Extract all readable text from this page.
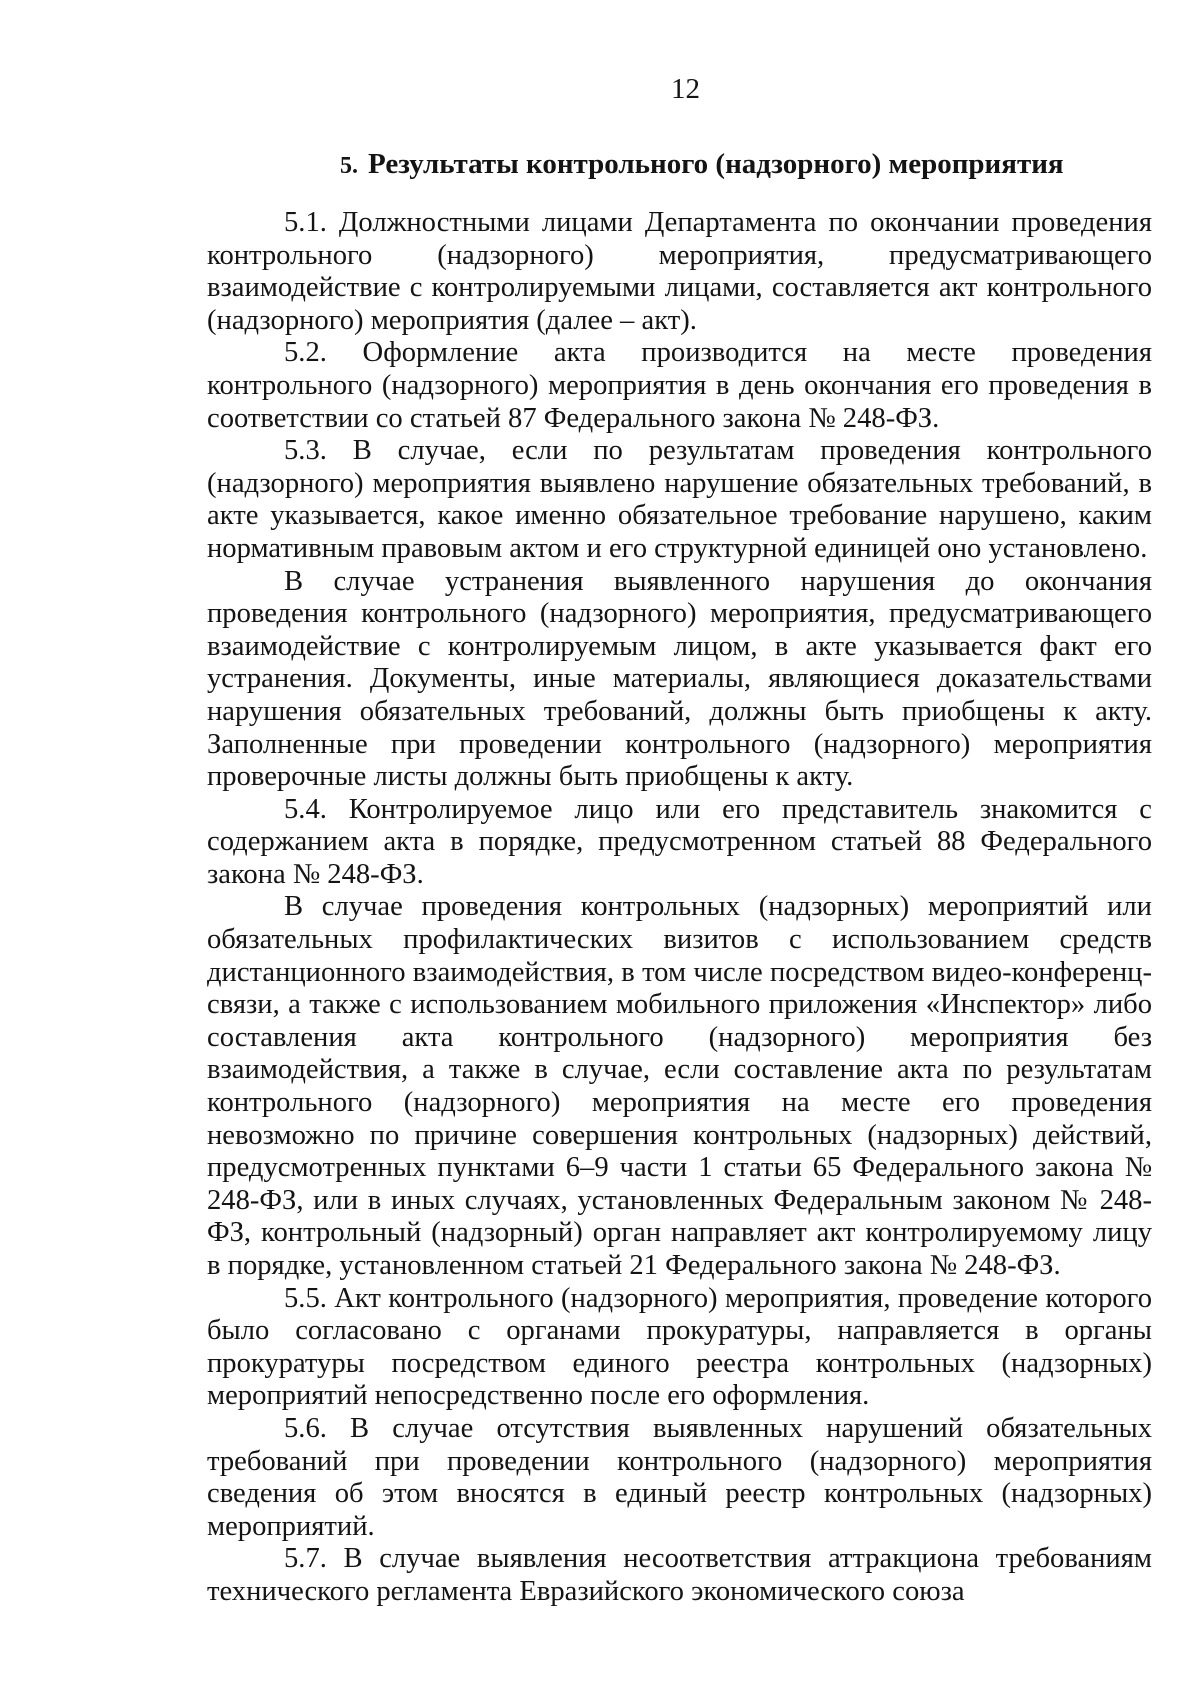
12
5. Результаты контрольного (надзорного) мероприятия

5.1. Должностными лицами Департамента по окончании проведения контрольного (надзорного) мероприятия, предусматривающего взаимодействие с контролируемыми лицами, составляется акт контрольного (надзорного) мероприятия (далее – акт).

5.2. Оформление акта производится на месте проведения контрольного (надзорного) мероприятия в день окончания его проведения в соответствии со статьей 87 Федерального закона № 248-ФЗ.

5.3. В случае, если по результатам проведения контрольного (надзорного) мероприятия выявлено нарушение обязательных требований, в акте указывается, какое именно обязательное требование нарушено, каким нормативным правовым актом и его структурной единицей оно установлено.

В случае устранения выявленного нарушения до окончания проведения контрольного (надзорного) мероприятия, предусматривающего взаимодействие с контролируемым лицом, в акте указывается факт его устранения. Документы, иные материалы, являющиеся доказательствами нарушения обязательных требований, должны быть приобщены к акту. Заполненные при проведении контрольного (надзорного) мероприятия проверочные листы должны быть приобщены к акту.

5.4. Контролируемое лицо или его представитель знакомится с содержанием акта в порядке, предусмотренном статьей 88 Федерального закона № 248-ФЗ.

В случае проведения контрольных (надзорных) мероприятий или обязательных профилактических визитов с использованием средств дистанционного взаимодействия, в том числе посредством видео-конференц-связи, а также с использованием мобильного приложения «Инспектор» либо составления акта контрольного (надзорного) мероприятия без взаимодействия, а также в случае, если составление акта по результатам контрольного (надзорного) мероприятия на месте его проведения невозможно по причине совершения контрольных (надзорных) действий, предусмотренных пунктами 6–9 части 1 статьи 65 Федерального закона № 248-ФЗ, или в иных случаях, установленных Федеральным законом № 248-ФЗ, контрольный (надзорный) орган направляет акт контролируемому лицу в порядке, установленном статьей 21 Федерального закона № 248-ФЗ.

5.5. Акт контрольного (надзорного) мероприятия, проведение которого было согласовано с органами прокуратуры, направляется в органы прокуратуры посредством единого реестра контрольных (надзорных) мероприятий непосредственно после его оформления.

5.6. В случае отсутствия выявленных нарушений обязательных требований при проведении контрольного (надзорного) мероприятия сведения об этом вносятся в единый реестр контрольных (надзорных) мероприятий.

5.7. В случае выявления несоответствия аттракциона требованиям технического регламента Евразийского экономического союза
